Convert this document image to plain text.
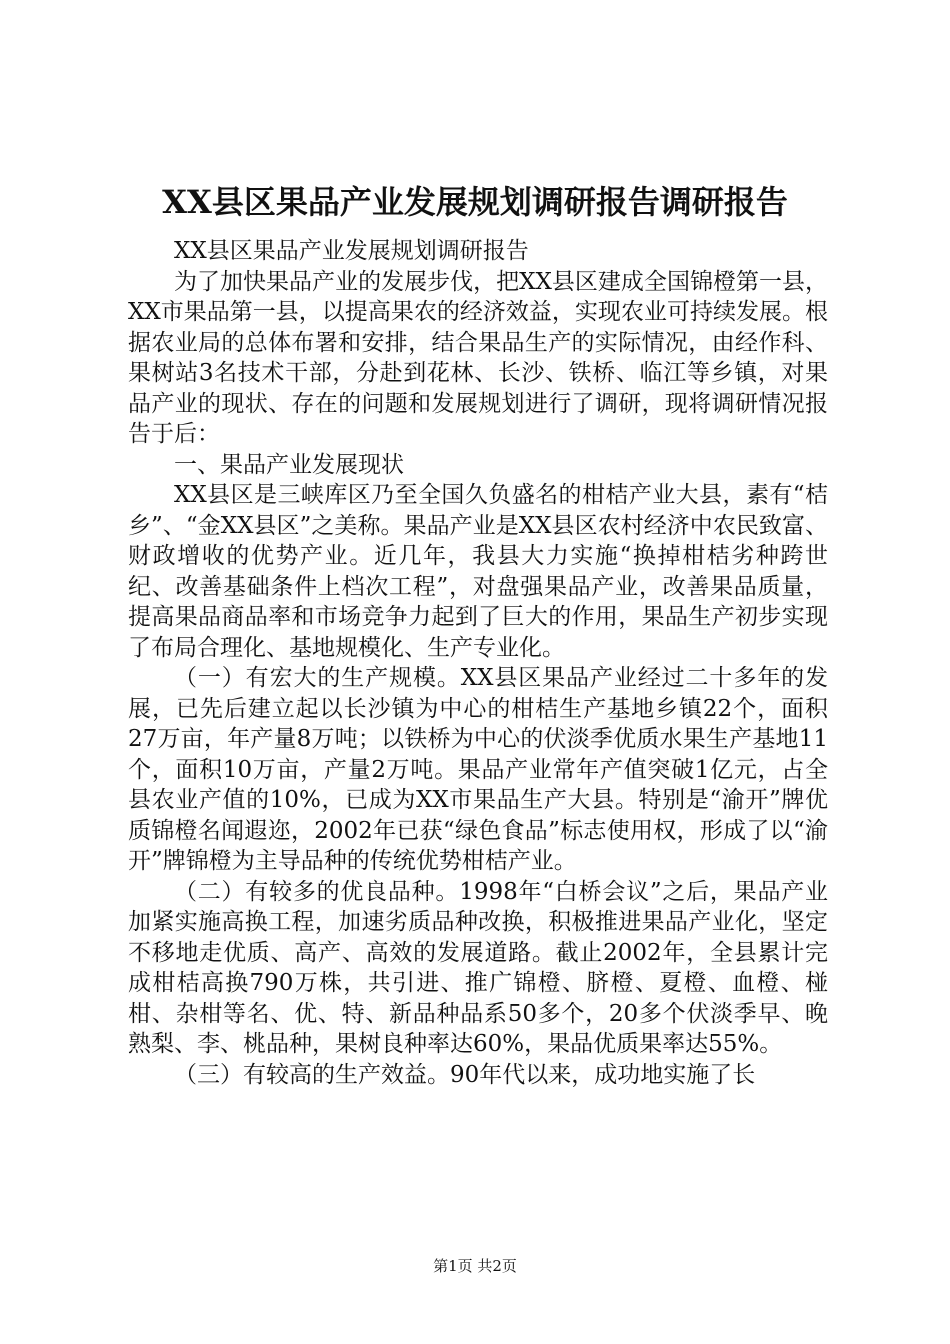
XX县区果品产业发展规划调研报告调研报告

XX县区果品产业发展规划调研报告

为了加快果品产业的发展步伐，把XX县区建成全国锦橙第一县，XX市果品第一县，以提高果农的经济效益，实现农业可持续发展。根据农业局的总体布署和安排，结合果品生产的实际情况，由经作科、果树站3名技术干部，分赴到花林、长沙、铁桥、临江等乡镇，对果品产业的现状、存在的问题和发展规划进行了调研，现将调研情况报告于后：

一、果品产业发展现状

XX县区是三峡库区乃至全国久负盛名的柑桔产业大县，素有“桔乡”、“金XX县区”之美称。果品产业是XX县区农村经济中农民致富、财政增收的优势产业。近几年，我县大力实施“换掉柑桔劣种跨世纪、改善基础条件上档次工程”，对盘强果品产业，改善果品质量，提高果品商品率和市场竞争力起到了巨大的作用，果品生产初步实现了布局合理化、基地规模化、生产专业化。

（一）有宏大的生产规模。XX县区果品产业经过二十多年的发展，已先后建立起以长沙镇为中心的柑桔生产基地乡镇22个，面积27万亩，年产量8万吨；以铁桥为中心的伏淡季优质水果生产基地11个，面积10万亩，产量2万吨。果品产业常年产值突破1亿元，占全县农业产值的10%，已成为XX市果品生产大县。特别是“渝开”牌优质锦橙名闻遐迩，2002年已获“绿色食品”标志使用权，形成了以“渝开”牌锦橙为主导品种的传统优势柑桔产业。

（二）有较多的优良品种。1998年“白桥会议”之后，果品产业加紧实施高换工程，加速劣质品种改换，积极推进果品产业化，坚定不移地走优质、高产、高效的发展道路。截止2002年，全县累计完成柑桔高换790万株，共引进、推广锦橙、脐橙、夏橙、血橙、椪柑、杂柑等名、优、特、新品种品系50多个，20多个伏淡季早、晚熟梨、李、桃品种，果树良种率达60%，果品优质果率达55%。

（三）有较高的生产效益。90年代以来，成功地实施了长

第1页 共2页
